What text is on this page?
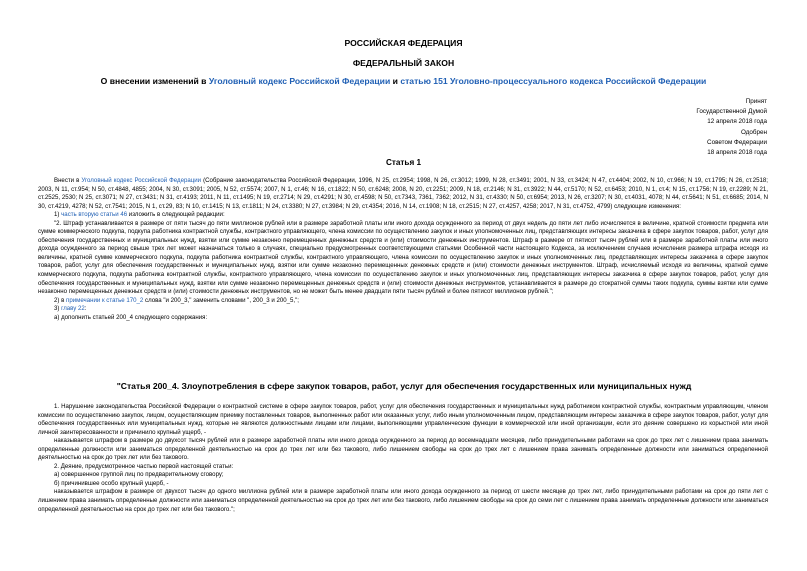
РОССИЙСКАЯ ФЕДЕРАЦИЯ
ФЕДЕРАЛЬНЫЙ ЗАКОН
О внесении изменений в Уголовный кодекс Российской Федерации и статью 151 Уголовно-процессуального кодекса Российской Федерации
Принят
Государственной Думой
12 апреля 2018 года
Одобрен
Советом Федерации
18 апреля 2018 года
Статья 1

Внести в Уголовный кодекс Российской Федерации (Собрание законодательства Российской Федерации, 1996, N 25, ст.2954; 1998, N 26, ст.3012; 1999, N 28, ст.3491; 2001, N 33, ст.3424; N 47, ст.4404; 2002, N 10, ст.966; N 19, ст.1795; N 26, ст.2518; 2003, N 11, ст.954; N 50, ст.4848, 4855; 2004, N 30, ст.3091; 2005, N 52, ст.5574; 2007, N 1, ст.46; N 16, ст.1822; N 50, ст.6248; 2008, N 20, ст.2251; 2009, N 18, ст.2146; N 31, ст.3922; N 44, ст.5170; N 52, ст.6453; 2010, N 1, ст.4; N 15, ст.1756; N 19, ст.2289; N 21, ст.2525, 2530; N 25, ст.3071; N 27, ст.3431; N 31, ст.4193; 2011, N 11, ст.1495; N 19, ст.2714; N 29, ст.4291; N 30, ст.4598; N 50, ст.7343, 7361, 7362; 2012, N 31, ст.4330; N 50, ст.6954; 2013, N 26, ст.3207; N 30, ст.4031, 4078; N 44, ст.5641; N 51, ст.6685; 2014, N 30, ст.4219, 4278; N 52, ст.7541; 2015, N 1, ст.29, 83; N 10, ст.1415; N 13, ст.1811; N 24, ст.3380; N 27, ст.3984; N 29, ст.4354; 2016, N 14, ст.1908; N 18, ст.2515; N 27, ст.4257, 4258; 2017, N 31, ст.4752, 4799) следующие изменения:

1) часть вторую статьи 46 изложить в следующей редакции:

"2. Штраф устанавливается в размере от пяти тысяч до пяти миллионов рублей или в размере заработной платы или иного дохода осужденного за период от двух недель до пяти лет либо исчисляется в величине, кратной стоимости предмета или сумме коммерческого подкупа, подкупа работника контрактной службы, контрактного управляющего, члена комиссии по осуществлению закупок и иных уполномоченных лиц, представляющих интересы заказчика в сфере закупок товаров, работ, услуг для обеспечения государственных и муниципальных нужд, взятки или сумме незаконно перемещенных денежных средств и (или) стоимости денежных инструментов. Штраф в размере от пятисот тысяч рублей или в размере заработной платы или иного дохода осужденного за период свыше трех лет может назначаться только в случаях, специально предусмотренных соответствующими статьями Особенной части настоящего Кодекса, за исключением случаев исчисления размера штрафа исходя из величины, кратной сумме коммерческого подкупа, подкупа работника контрактной службы, контрактного управляющего, члена комиссии по осуществлению закупок и иных уполномоченных лиц, представляющих интересы заказчика в сфере закупок товаров, работ, услуг для обеспечения государственных и муниципальных нужд, взятки или сумме незаконно перемещенных денежных средств и (или) стоимости денежных инструментов. Штраф, исчисляемый исходя из величины, кратной сумме коммерческого подкупа, подкупа работника контрактной службы, контрактного управляющего, члена комиссии по осуществлению закупок и иных уполномоченных лиц, представляющих интересы заказчика в сфере закупок товаров, работ, услуг для обеспечения государственных и муниципальных нужд, взятки или сумме незаконно перемещенных денежных средств и (или) стоимости денежных инструментов, устанавливается в размере до стократной суммы таких подкупа, суммы взятки или сумме незаконно перемещенных денежных средств и (или) стоимости денежных инструментов, но не может быть менее двадцати пяти тысяч рублей и более пятисот миллионов рублей.";

2) в примечании к статье 170_2 слова "и 200_3," заменить словами ", 200_3 и 200_5,";

3) главу 22:

а) дополнить статьей 200_4 следующего содержания:

"Статья 200_4. Злоупотребления в сфере закупок товаров, работ, услуг для обеспечения государственных или муниципальных нужд

1. Нарушение законодательства Российской Федерации о контрактной системе в сфере закупок товаров, работ, услуг для обеспечения государственных и муниципальных нужд работником контрактной службы, контрактным управляющим, членом комиссии по осуществлению закупок, лицом, осуществляющим приемку поставленных товаров, выполненных работ или оказанных услуг, либо иным уполномоченным лицом, представляющим интересы заказчика в сфере закупок товаров, работ, услуг для обеспечения государственных или муниципальных нужд, которые не являются должностными лицами или лицами, выполняющими управленческие функции в коммерческой или иной организации, если это деяние совершено из корыстной или иной личной заинтересованности и причинило крупный ущерб, -

наказывается штрафом в размере до двухсот тысяч рублей или в размере заработной платы или иного дохода осужденного за период до восемнадцати месяцев, либо принудительными работами на срок до трех лет с лишением права занимать определенные должности или заниматься определенной деятельностью на срок до трех лет или без такового, либо лишением свободы на срок до трех лет с лишением права занимать определенные должности или заниматься определенной деятельностью на срок до трех лет или без такового.

2. Деяние, предусмотренное частью первой настоящей статьи:

а) совершенное группой лиц по предварительному сговору;

б) причинившее особо крупный ущерб, -

наказывается штрафом в размере от двухсот тысяч до одного миллиона рублей или в размере заработной платы или иного дохода осужденного за период от шести месяцев до трех лет, либо принудительными работами на срок до пяти лет с лишением права занимать определенные должности или заниматься определенной деятельностью на срок до трех лет или без такового, либо лишением свободы на срок до семи лет с лишением права занимать определенные должности или заниматься определенной деятельностью на срок до трех лет или без такового.";
